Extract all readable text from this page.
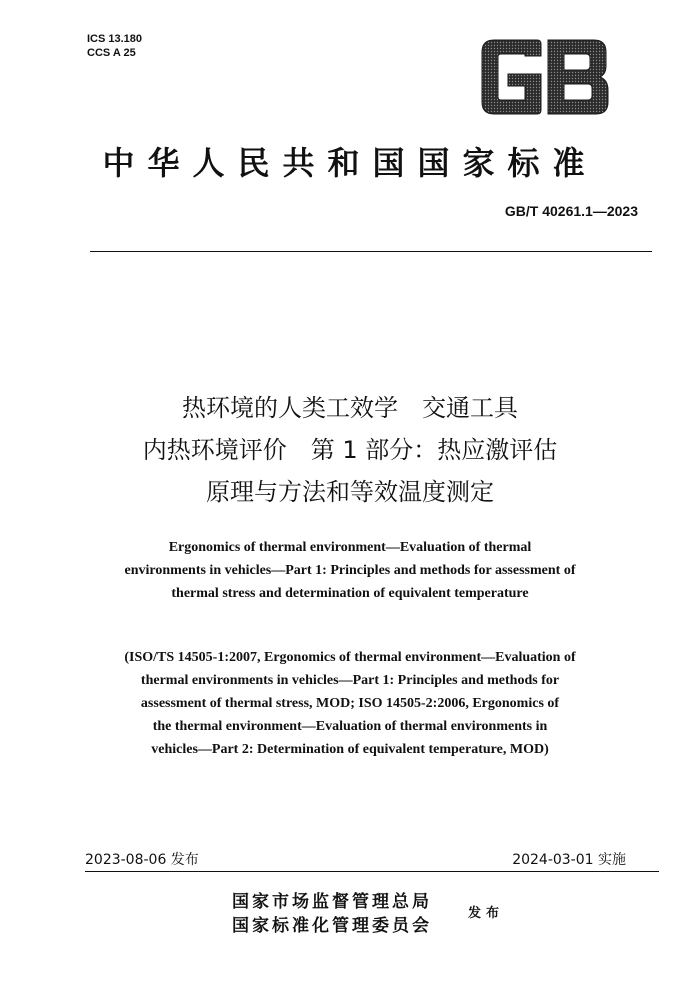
ICS 13.180
CCS A 25
中华人民共和国国家标准
GB/T 40261.1—2023
热环境的人类工效学　交通工具
内热环境评价　第 1 部分：热应激评估
原理与方法和等效温度测定
Ergonomics of thermal environment—Evaluation of thermal
environments in vehicles—Part 1: Principles and methods for assessment of
thermal stress and determination of equivalent temperature
(ISO/TS 14505-1:2007, Ergonomics of thermal environment—Evaluation of
thermal environments in vehicles—Part 1: Principles and methods for
assessment of thermal stress, MOD; ISO 14505-2:2006, Ergonomics of
the thermal environment—Evaluation of thermal environments in
vehicles—Part 2: Determination of equivalent temperature, MOD)
2023-08-06 发布	2024-03-01 实施
国家市场监督管理总局
国家标准化管理委员会
发布
